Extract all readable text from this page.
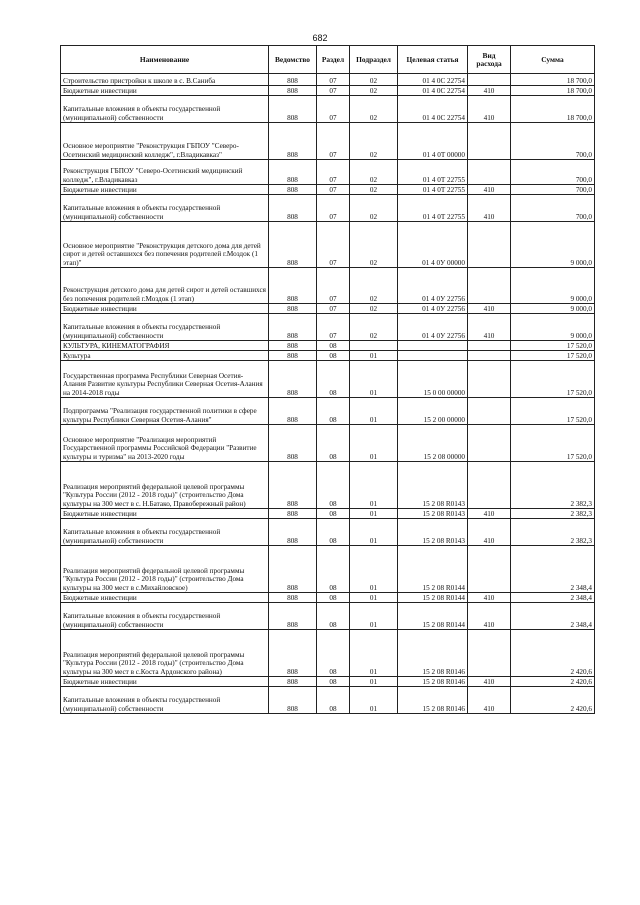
682
Наименование	Ведомство	Раздел	Подраздел	Целевая статья	Вид расхода	Сумма
Строительство пристройки к школе в с. В.Саниба	808	07	02	01 4 0С 22754		18 700,0
Бюджетные инвестиции	808	07	02	01 4 0С 22754	410	18 700,0
Капитальные вложения в объекты государственной (муниципальной) собственности	808	07	02	01 4 0С 22754	410	18 700,0
Основное мероприятие "Реконструкция ГБПОУ "Северо-Осетинский медицинский колледж", г.Владикавказ"	808	07	02	01 4 0Т 00000		700,0
Реконструкция ГБПОУ "Северо-Осетинский медицинский колледж", г.Владикавказ	808	07	02	01 4 0Т 22755		700,0
Бюджетные инвестиции	808	07	02	01 4 0Т 22755	410	700,0
Капитальные вложения в объекты государственной (муниципальной) собственности	808	07	02	01 4 0Т 22755	410	700,0
Основное мероприятие "Реконструкция детского дома для детей сирот и детей оставшихся без попечения родителей г.Моздок (1 этап)"	808	07	02	01 4 0У 00000		9 000,0
Реконструкция детского дома для детей сирот и детей оставшихся без попечения родителей г.Моздок (1 этап)	808	07	02	01 4 0У 22756		9 000,0
Бюджетные инвестиции	808	07	02	01 4 0У 22756	410	9 000,0
Капитальные вложения в объекты государственной (муниципальной) собственности	808	07	02	01 4 0У 22756	410	9 000,0
КУЛЬТУРА, КИНЕМАТОГРАФИЯ	808	08				17 520,0
Культура	808	08	01			17 520,0
Государственная программа Республики Северная Осетия-Алания Развитие культуры Республики Северная Осетия-Алания на 2014-2018 годы	808	08	01	15 0 00 00000		17 520,0
Подпрограмма "Реализация государственной политики в сфере культуры Республики Северная Осетия-Алания"	808	08	01	15 2 00 00000		17 520,0
Основное мероприятие "Реализация мероприятий Государственной программы Российской Федерации "Развитие культуры и туризма" на 2013-2020 годы	808	08	01	15 2 08 00000		17 520,0
Реализация мероприятий федеральной целевой программы "Культура России (2012 - 2018 годы)" (строительство Дома культуры на 300 мест в с. Н.Батако, Правобережный район)	808	08	01	15 2 08 R0143		2 382,3
Бюджетные инвестиции	808	08	01	15 2 08 R0143	410	2 382,3
Капитальные вложения в объекты государственной (муниципальной) собственности	808	08	01	15 2 08 R0143	410	2 382,3
Реализация мероприятий федеральной целевой программы "Культура России (2012 - 2018 годы)" (строительство Дома культуры на 300 мест в с.Михайловское)	808	08	01	15 2 08 R0144		2 348,4
Бюджетные инвестиции	808	08	01	15 2 08 R0144	410	2 348,4
Капитальные вложения в объекты государственной (муниципальной) собственности	808	08	01	15 2 08 R0144	410	2 348,4
Реализация мероприятий федеральной целевой программы "Культура России (2012 - 2018 годы)" (строительство Дома культуры на 300 мест в с.Коста Ардонского района)	808	08	01	15 2 08 R0146		2 420,6
Бюджетные инвестиции	808	08	01	15 2 08 R0146	410	2 420,6
Капитальные вложения в объекты государственной (муниципальной) собственности	808	08	01	15 2 08 R0146	410	2 420,6
